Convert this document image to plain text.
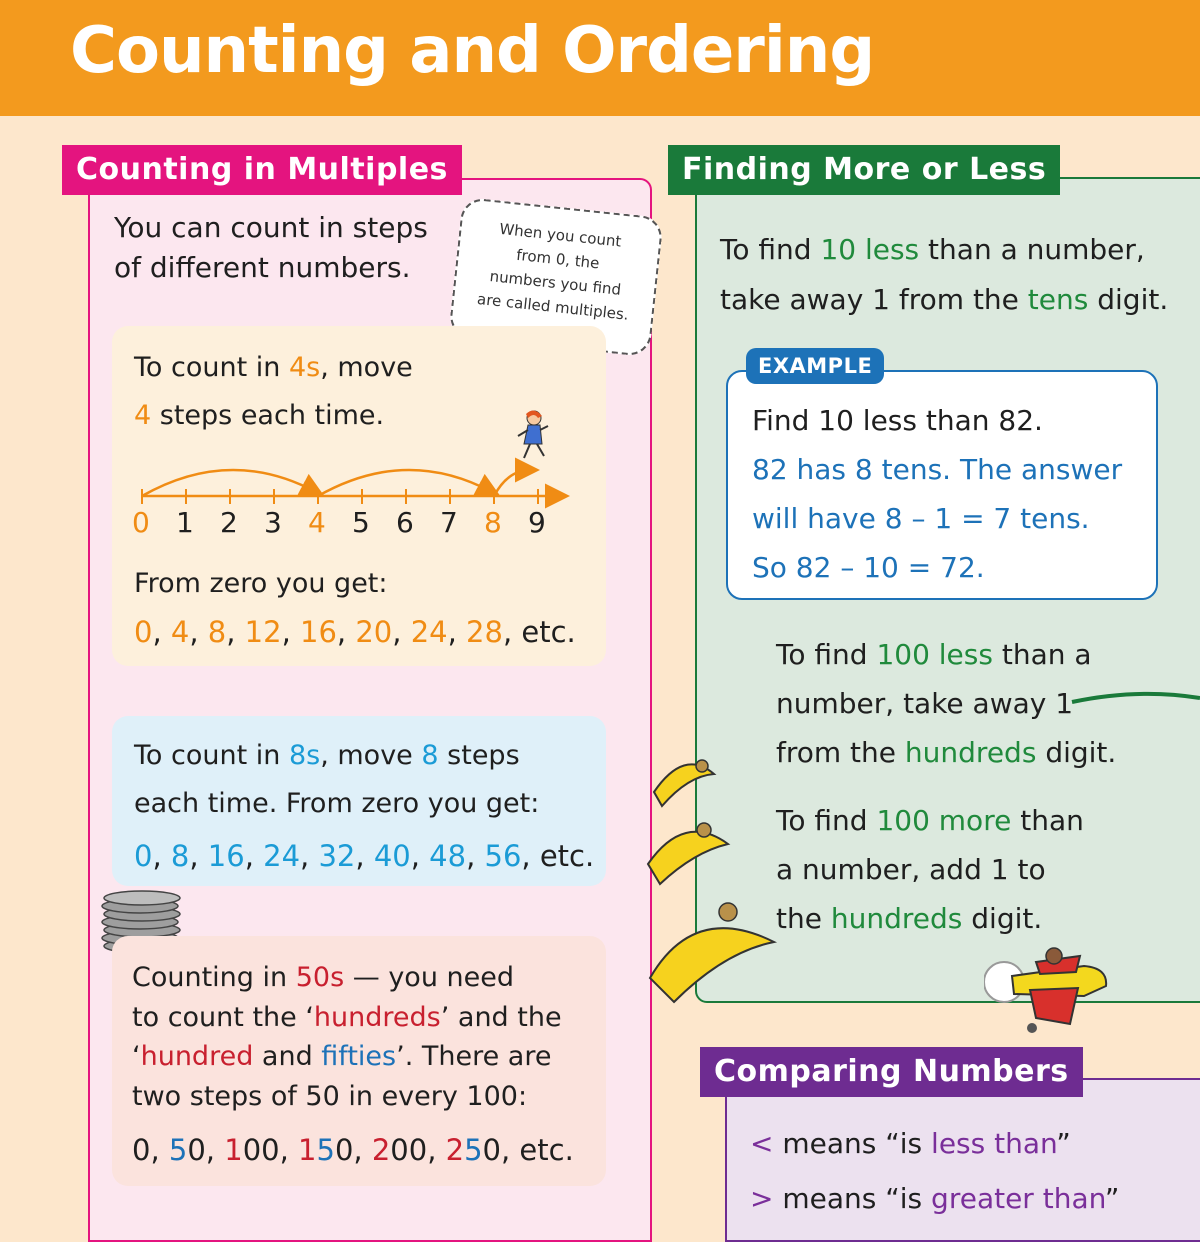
Counting and Ordering
Counting in Multiples
You can count in steps
of different numbers.
When you count
from 0, the
numbers you find
are called multiples.
To count in 4s, move
4 steps each time.
0 1 2 3 4 5 6 7 8 9
From zero you get:
0, 4, 8, 12, 16, 20, 24, 28, etc.
To count in 8s, move 8 steps
each time. From zero you get:
0, 8, 16, 24, 32, 40, 48, 56, etc.
Counting in 50s — you need
to count the ‘hundreds’ and the
‘hundred and fifties’. There are
two steps of 50 in every 100:
0, 50, 100, 150, 200, 250, etc.
Finding More or Less
To find 10 less than a number,
take away 1 from the tens digit.
EXAMPLE
Find 10 less than 82.
82 has 8 tens. The answer
will have 8 – 1 = 7 tens.
So 82 – 10 = 72.
To find 100 less than a
number, take away 1
from the hundreds digit.
To find 100 more than
a number, add 1 to
the hundreds digit.
Comparing Numbers
< means “is less than”
> means “is greater than”
